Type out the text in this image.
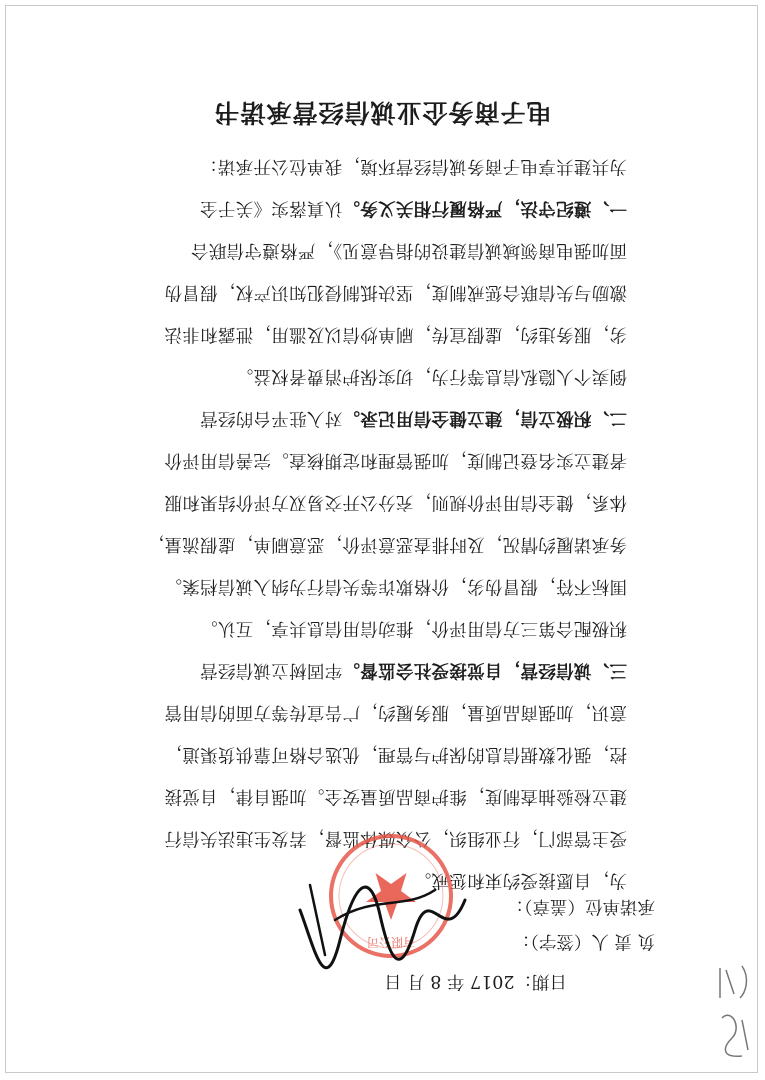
电子商务企业诚信经营承诺书
为共建共享电子商务诚信经营环境，我单位公开承诺：
一、遵纪守法，严格履行相关义务。认真落实《关于全
面加强电商领域诚信建设的指导意见》，严格遵守信联合
激励与失信联合惩戒制度，坚决抵制侵犯知识产权，假冒伪
劣，服务违约，虚假宣传，刷单炒信以及滥用，泄露和非法
倒卖个人隐私信息等行为，切实保护消费者权益。
二、积极立信，建立健全信用记录。对入驻平台的经营
者建立实名登记制度，加强管理和定期核查。完善信用评价
体系，健全信用评价规则，充分公开交易双方评价结果和服
务承诺履约情况，及时排查恶意评价，恶意刷单，虚假流量，
围标不符，假冒伪劣，价格欺诈等失信行为纳入诚信档案。
积极配合第三方信用评价，推动信用信息共享，互认。
三、诚信经营，自觉接受社会监督。牢固树立诚信经营
意识，加强商品质量，服务履约，广告宣传等方面的信用管
控，强化数据信息的保护与管理，优选合格可靠供货渠道，
建立检验抽查制度，维护商品质量安全。加强自律，自觉接
受主管部门，行业组织，公众媒体监督，若发生违法失信行
为，自愿接受约束和惩戒。
承诺单位（盖章）：
负 责 人（签字）：
日期：2017 年 8 月 日
有限公司
